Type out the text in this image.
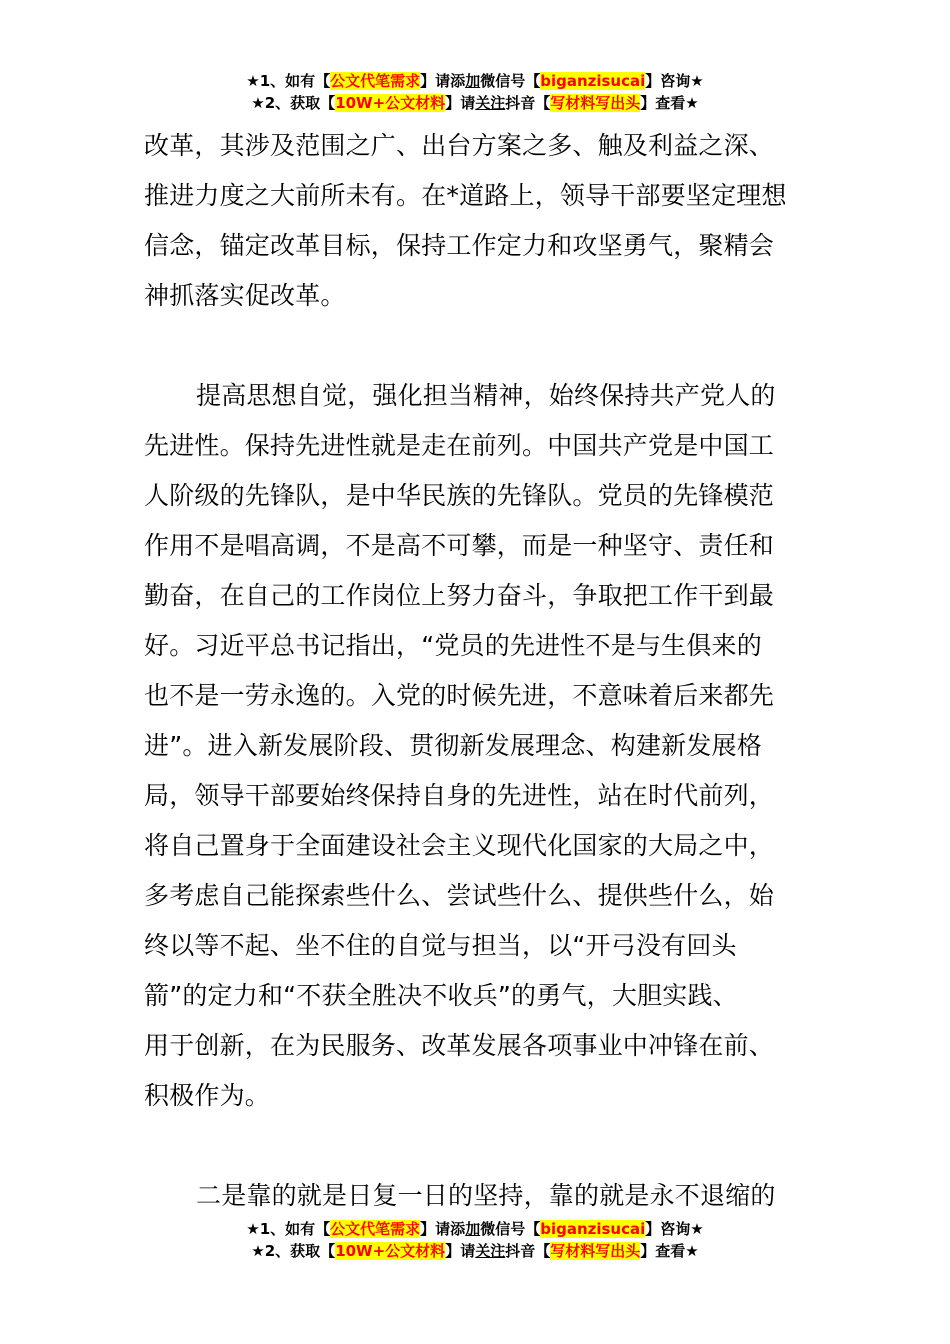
★1、如有【公文代笔需求】请添加微信号【biganzisucai】咨询★
★2、获取【10W+公文材料】请关注抖音【写材料写出头】查看★
改革，其涉及范围之广、出台方案之多、触及利益之深、
推进力度之大前所未有。在*道路上，领导干部要坚定理想
信念，锚定改革目标，保持工作定力和攻坚勇气，聚精会
神抓落实促改革。
提高思想自觉，强化担当精神，始终保持共产党人的
先进性。保持先进性就是走在前列。中国共产党是中国工
人阶级的先锋队，是中华民族的先锋队。党员的先锋模范
作用不是唱高调，不是高不可攀，而是一种坚守、责任和
勤奋，在自己的工作岗位上努力奋斗，争取把工作干到最
好。习近平总书记指出，“党员的先进性不是与生俱来的
也不是一劳永逸的。入党的时候先进，不意味着后来都先
进”。进入新发展阶段、贯彻新发展理念、构建新发展格
局，领导干部要始终保持自身的先进性，站在时代前列，
将自己置身于全面建设社会主义现代化国家的大局之中，
多考虑自己能探索些什么、尝试些什么、提供些什么，始
终以等不起、坐不住的自觉与担当，以“开弓没有回头
箭”的定力和“不获全胜决不收兵”的勇气，大胆实践、
用于创新，在为民服务、改革发展各项事业中冲锋在前、
积极作为。
二是靠的就是日复一日的坚持，靠的就是永不退缩的
★1、如有【公文代笔需求】请添加微信号【biganzisucai】咨询★
★2、获取【10W+公文材料】请关注抖音【写材料写出头】查看★
